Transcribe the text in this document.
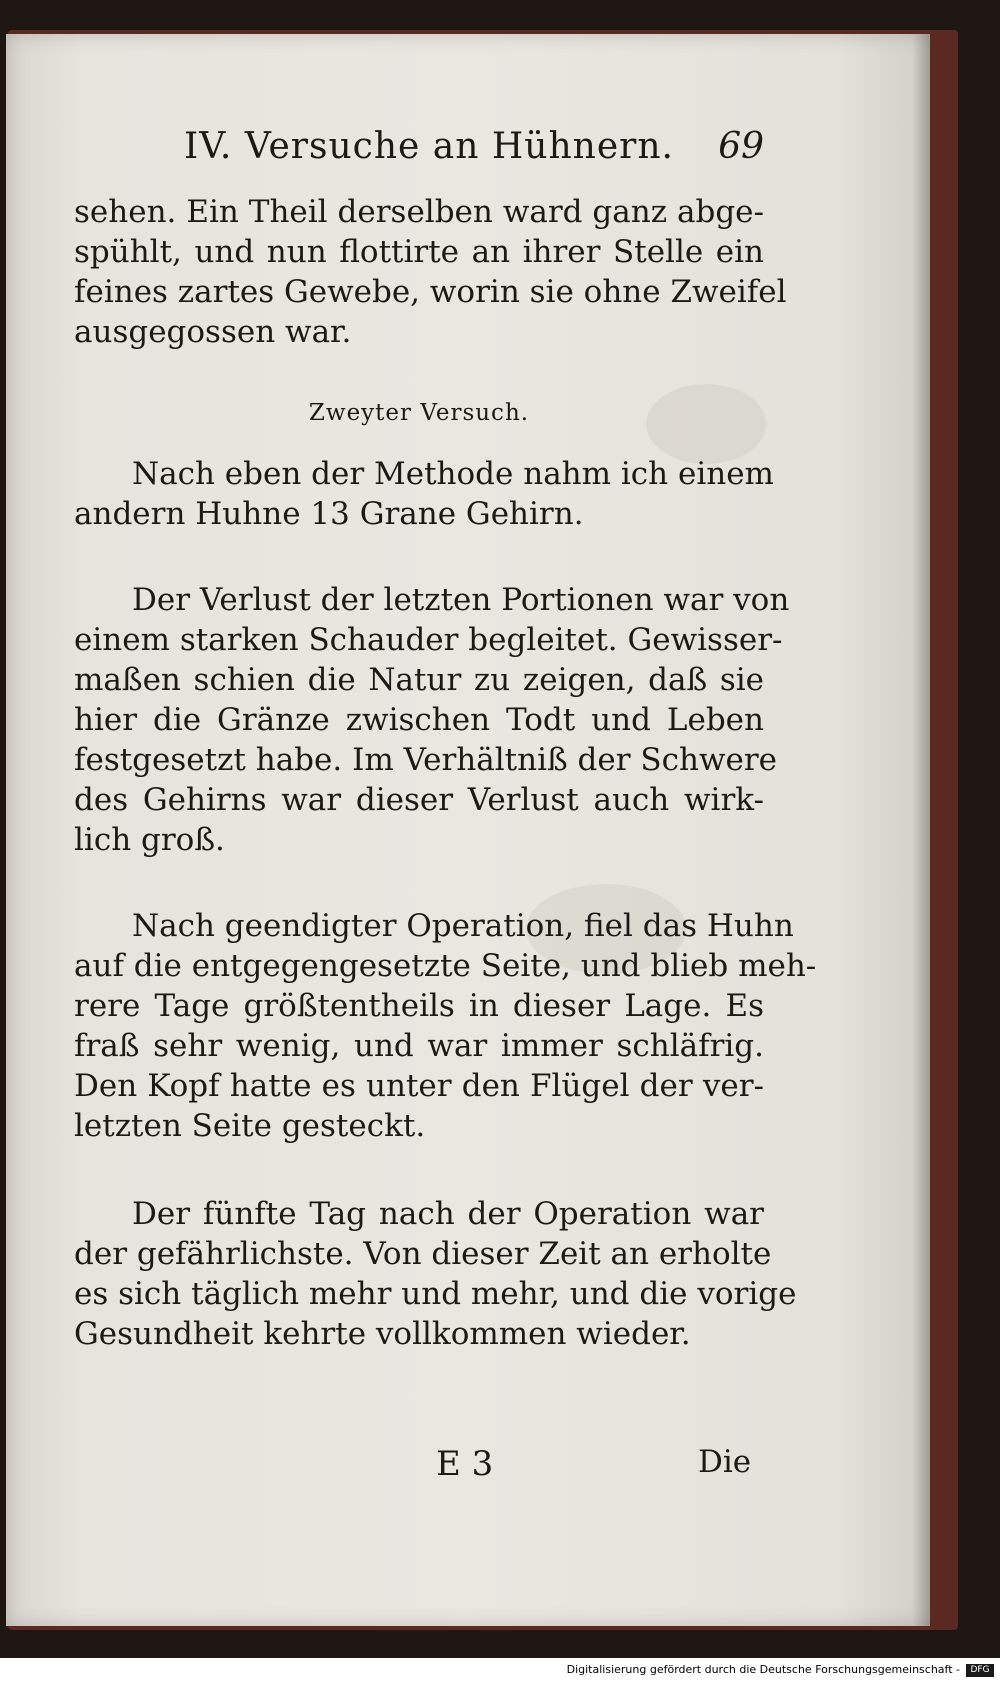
IV. Versuche an Hühnern. 69
sehen. Ein Theil derselben ward ganz abge-
spühlt, und nun flottirte an ihrer Stelle ein
feines zartes Gewebe, worin sie ohne Zweifel
ausgegossen war.
Zweyter Versuch.
Nach eben der Methode nahm ich einem
andern Huhne 13 Grane Gehirn.
Der Verlust der letzten Portionen war von
einem starken Schauder begleitet. Gewisser-
maßen schien die Natur zu zeigen, daß sie
hier die Gränze zwischen Todt und Leben
festgesetzt habe. Im Verhältniß der Schwere
des Gehirns war dieser Verlust auch wirk-
lich groß.
Nach geendigter Operation, fiel das Huhn
auf die entgegengesetzte Seite, und blieb meh-
rere Tage größtentheils in dieser Lage. Es
fraß sehr wenig, und war immer schläfrig.
Den Kopf hatte es unter den Flügel der ver-
letzten Seite gesteckt.
Der fünfte Tag nach der Operation war
der gefährlichste. Von dieser Zeit an erholte
es sich täglich mehr und mehr, und die vorige
Gesundheit kehrte vollkommen wieder.
E 3	Die
Digitalisierung gefördert durch die Deutsche Forschungsgemeinschaft -	DFG
